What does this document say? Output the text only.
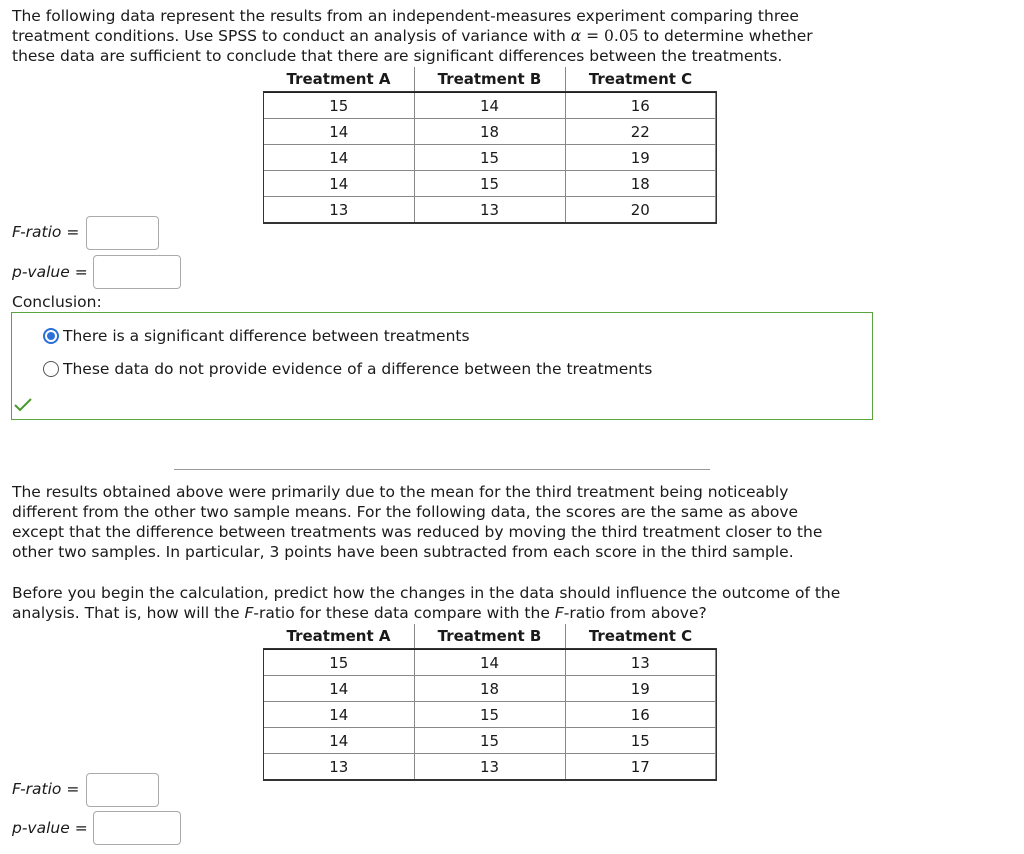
The following data represent the results from an independent-measures experiment comparing three
treatment conditions. Use SPSS to conduct an analysis of variance with α = 0.05 to determine whether
these data are sufficient to conclude that there are significant differences between the treatments.
Treatment A	Treatment B	Treatment C
15	14	16
14	18	22
14	15	19
14	15	18
13	13	20
F-ratio =
p-value =
Conclusion:
There is a significant difference between treatments
These data do not provide evidence of a difference between the treatments
The results obtained above were primarily due to the mean for the third treatment being noticeably
different from the other two sample means. For the following data, the scores are the same as above
except that the difference between treatments was reduced by moving the third treatment closer to the
other two samples. In particular, 3 points have been subtracted from each score in the third sample.
Before you begin the calculation, predict how the changes in the data should influence the outcome of the
analysis. That is, how will the F-ratio for these data compare with the F-ratio from above?
Treatment A	Treatment B	Treatment C
15	14	13
14	18	19
14	15	16
14	15	15
13	13	17
F-ratio =
p-value =
